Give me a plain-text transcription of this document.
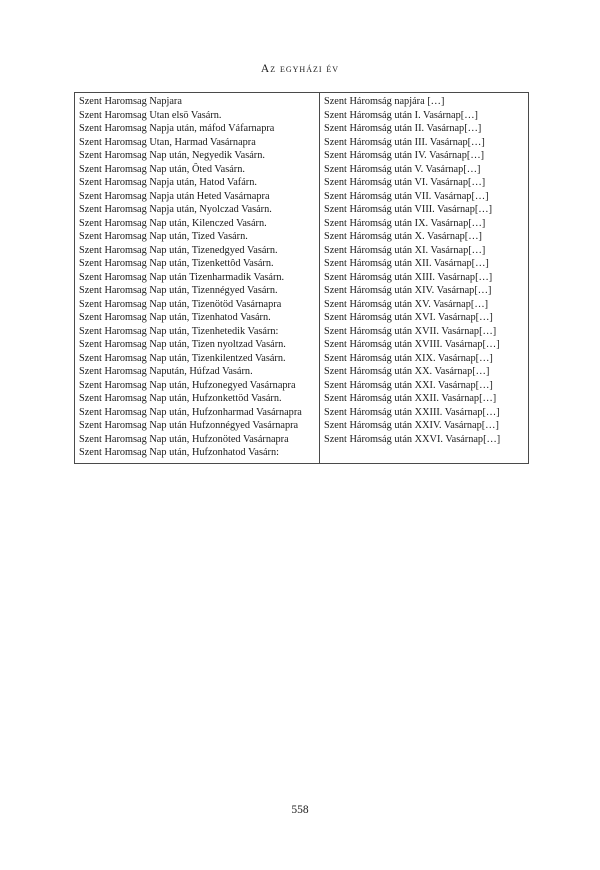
Az egyházi év
Szent Haromsag Napjara
Szent Haromsag Utan elsö Vasárn.
Szent Haromsag Napja után, máfod Váfarnapra
Szent Haromsag Utan, Harmad Vasárnapra
Szent Haromsag Nap után, Negyedik Vasárn.
Szent Haromsag Nap után, Ôted Vasárn.
Szent Haromsag Napja után, Hatod Vafárn.
Szent Haromsag Napja után Heted Vasárnapra
Szent Haromsag Napja után, Nyolczad Vasárn.
Szent Haromsag Nap után, Kilenczed Vasárn.
Szent Haromsag Nap után, Tized Vasárn.
Szent Haromsag Nap után, Tizenedgyed Vasárn.
Szent Haromsag Nap után, Tizenkettôd Vasárn.
Szent Haromsag Nap után Tizenharmadik Vasárn.
Szent Haromsag Nap után, Tizennégyed Vasárn.
Szent Haromsag Nap után, Tizenötöd Vasárnapra
Szent Haromsag Nap után, Tizenhatod Vasárn.
Szent Haromsag Nap után, Tizenhetedik Vasárn:
Szent Haromsag Nap után, Tizen nyoltzad Vasárn.
Szent Haromsag Nap után, Tizenkilentzed Vasárn.
Szent Haromsag Napután, Húfzad Vasárn.
Szent Haromsag Nap után, Hufzonegyed Vasárnapra
Szent Haromsag Nap után, Hufzonkettöd Vasárn.
Szent Haromsag Nap után, Hufzonharmad Vasárnapra
Szent Haromsag Nap után Hufzonnégyed Vasárnapra
Szent Haromsag Nap után, Hufzonöted Vasárnapra
Szent Haromsag Nap után, Hufzonhatod Vasárn:
Szent Háromság napjára […]
Szent Háromság után I. Vasárnap[…]
Szent Háromság után II. Vasárnap[…]
Szent Háromság után III. Vasárnap[…]
Szent Háromság után IV. Vasárnap[…]
Szent Háromság után V. Vasárnap[…]
Szent Háromság után VI. Vasárnap[…]
Szent Háromság után VII. Vasárnap[…]
Szent Háromság után VIII. Vasárnap[…]
Szent Háromság után IX. Vasárnap[…]
Szent Háromság után X. Vasárnap[…]
Szent Háromság után XI. Vasárnap[…]
Szent Háromság után XII. Vasárnap[…]
Szent Háromság után XIII. Vasárnap[…]
Szent Háromság után XIV. Vasárnap[…]
Szent Háromság után XV. Vasárnap[…]
Szent Háromság után XVI. Vasárnap[…]
Szent Háromság után XVII. Vasárnap[…]
Szent Háromság után XVIII. Vasárnap[…]
Szent Háromság után XIX. Vasárnap[…]
Szent Háromság után XX. Vasárnap[…]
Szent Háromság után XXI. Vasárnap[…]
Szent Háromság után XXII. Vasárnap[…]
Szent Háromság után XXIII. Vasárnap[…]
Szent Háromság után XXIV. Vasárnap[…]
Szent Háromság után XXVI. Vasárnap[…]
558
